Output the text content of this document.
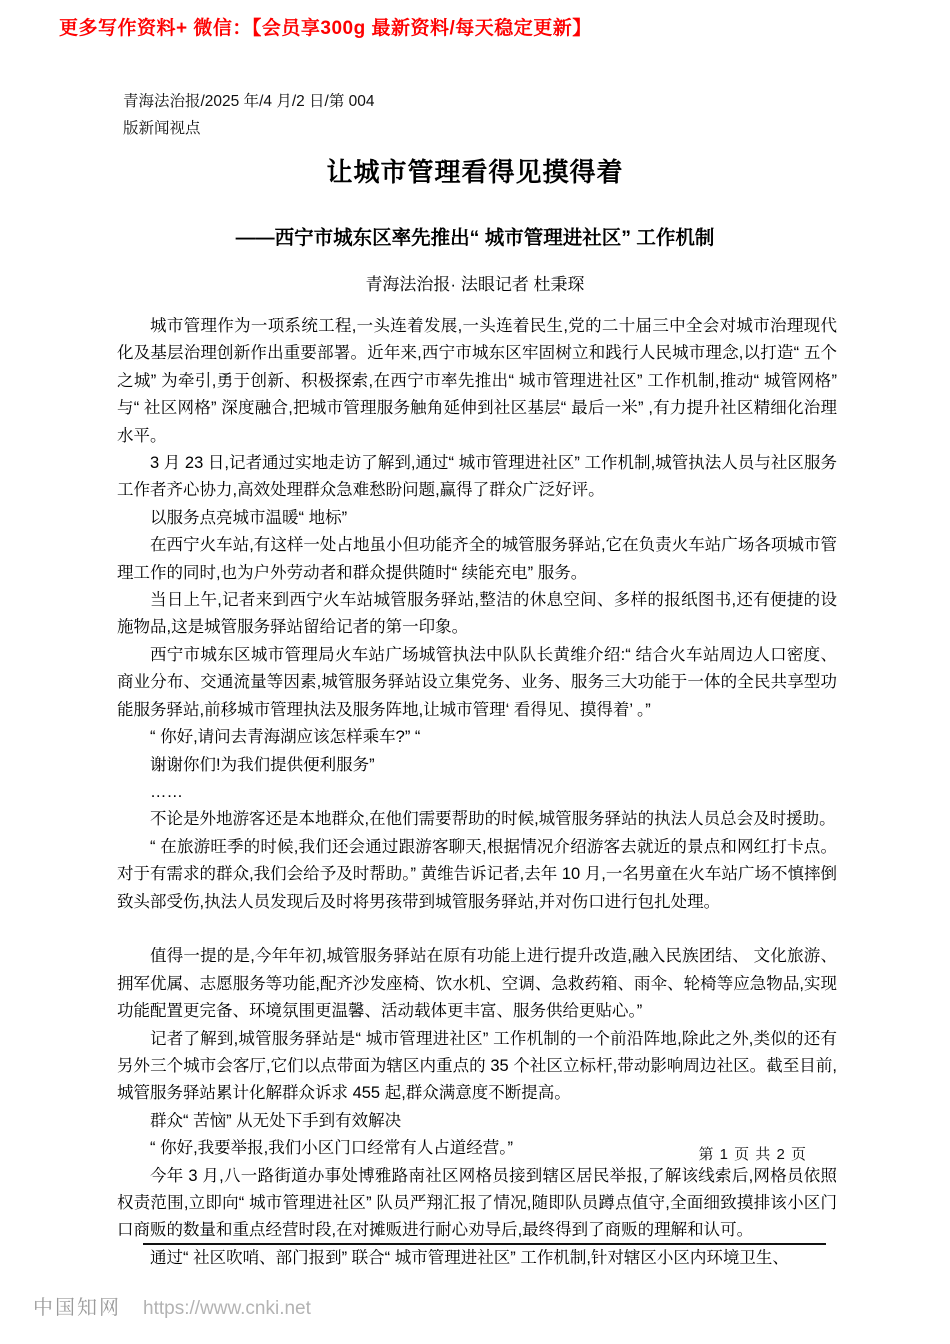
更多写作资料+ 微信：【会员享300g 最新资料/每天稳定更新】
青海法治报/2025 年/4 月/2 日/第 004
版新闻视点
让城市管理看得见摸得着
——西宁市城东区率先推出“ 城市管理进社区” 工作机制
青海法治报· 法眼记者 杜秉琛

城市管理作为一项系统工程,一头连着发展,一头连着民生,党的二十届三中全会对城市治理现代化及基层治理创新作出重要部署。近年来,西宁市城东区牢固树立和践行人民城市理念,以打造“ 五个之城” 为牵引,勇于创新、积极探索,在西宁市率先推出“ 城市管理进社区” 工作机制,推动“ 城管网格” 与“ 社区网格” 深度融合,把城市管理服务触角延伸到社区基层“ 最后一米” ,有力提升社区精细化治理水平。

3 月 23 日,记者通过实地走访了解到,通过“ 城市管理进社区” 工作机制,城管执法人员与社区服务工作者齐心协力,高效处理群众急难愁盼问题,赢得了群众广泛好评。

以服务点亮城市温暖“ 地标”

在西宁火车站,有这样一处占地虽小但功能齐全的城管服务驿站,它在负责火车站广场各项城市管理工作的同时,也为户外劳动者和群众提供随时“ 续能充电” 服务。

当日上午,记者来到西宁火车站城管服务驿站,整洁的休息空间、多样的报纸图书,还有便捷的设施物品,这是城管服务驿站留给记者的第一印象。

西宁市城东区城市管理局火车站广场城管执法中队队长黄维介绍:“ 结合火车站周边人口密度、商业分布、交通流量等因素,城管服务驿站设立集党务、业务、服务三大功能于一体的全民共享型功能服务驿站,前移城市管理执法及服务阵地,让城市管理‘ 看得见、摸得着’ 。”

“ 你好,请问去青海湖应该怎样乘车?” “

谢谢你们!为我们提供便利服务”

……

不论是外地游客还是本地群众,在他们需要帮助的时候,城管服务驿站的执法人员总会及时援助。

“ 在旅游旺季的时候,我们还会通过跟游客聊天,根据情况介绍游客去就近的景点和网红打卡点。对于有需求的群众,我们会给予及时帮助。” 黄维告诉记者,去年 10 月,一名男童在火车站广场不慎摔倒致头部受伤,执法人员发现后及时将男孩带到城管服务驿站,并对伤口进行包扎处理。

值得一提的是,今年年初,城管服务驿站在原有功能上进行提升改造,融入民族团结、 文化旅游、拥军优属、志愿服务等功能,配齐沙发座椅、饮水机、空调、急救药箱、雨伞、轮椅等应急物品,实现功能配置更完备、环境氛围更温馨、活动载体更丰富、服务供给更贴心。”

记者了解到,城管服务驿站是“ 城市管理进社区” 工作机制的一个前沿阵地,除此之外,类似的还有另外三个城市会客厅,它们以点带面为辖区内重点的 35 个社区立标杆,带动影响周边社区。截至目前,城管服务驿站累计化解群众诉求 455 起,群众满意度不断提高。

群众“ 苦恼” 从无处下手到有效解决

“ 你好,我要举报,我们小区门口经常有人占道经营。”

今年 3 月,八一路街道办事处博雅路南社区网格员接到辖区居民举报,了解该线索后,网格员依照权责范围,立即向“ 城市管理进社区” 队员严翔汇报了情况,随即队员蹲点值守,全面细致摸排该小区门口商贩的数量和重点经营时段,在对摊贩进行耐心劝导后,最终得到了商贩的理解和认可。

通过“ 社区吹哨、部门报到” 联合“ 城市管理进社区” 工作机制,针对辖区小区内环境卫生、

第 1 页 共 2 页
中国知网 https://www.cnki.net
